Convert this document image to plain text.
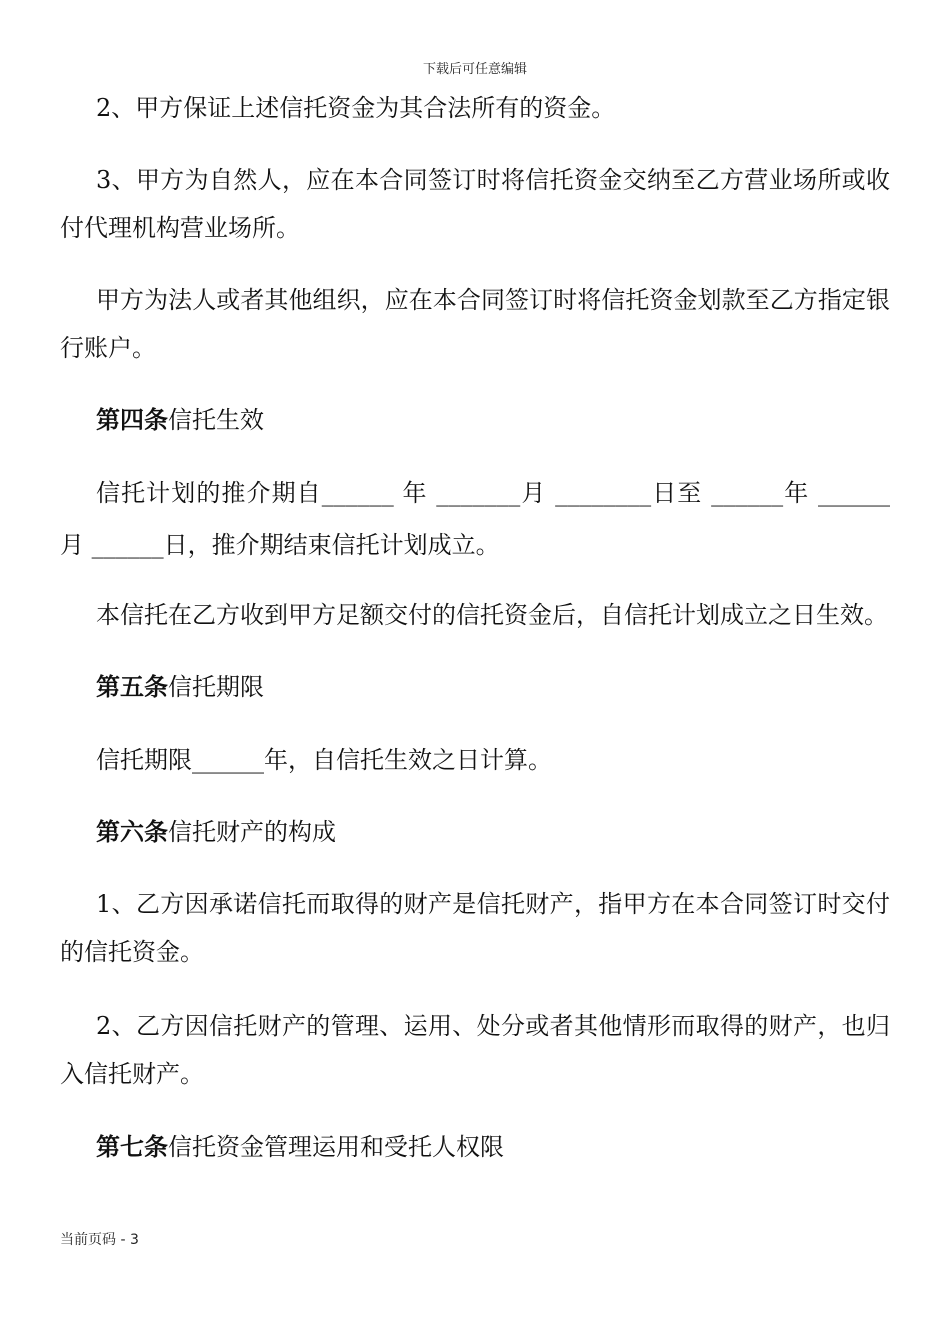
下载后可任意编辑
2、甲方保证上述信托资金为其合法所有的资金。
3、甲方为自然人，应在本合同签订时将信托资金交纳至乙方营业场所或收
付代理机构营业场所。
甲方为法人或者其他组织，应在本合同签订时将信托资金划款至乙方指定银
行账户。
第四条信托生效
信托计划的推介期自______ 年 _______月 ________日至 ______年 ______
月 ______日，推介期结束信托计划成立。
本信托在乙方收到甲方足额交付的信托资金后，自信托计划成立之日生效。
第五条信托期限
信托期限______年，自信托生效之日计算。
第六条信托财产的构成
1、乙方因承诺信托而取得的财产是信托财产，指甲方在本合同签订时交付
的信托资金。
2、乙方因信托财产的管理、运用、处分或者其他情形而取得的财产，也归
入信托财产。
第七条信托资金管理运用和受托人权限
当前页码 - 3
